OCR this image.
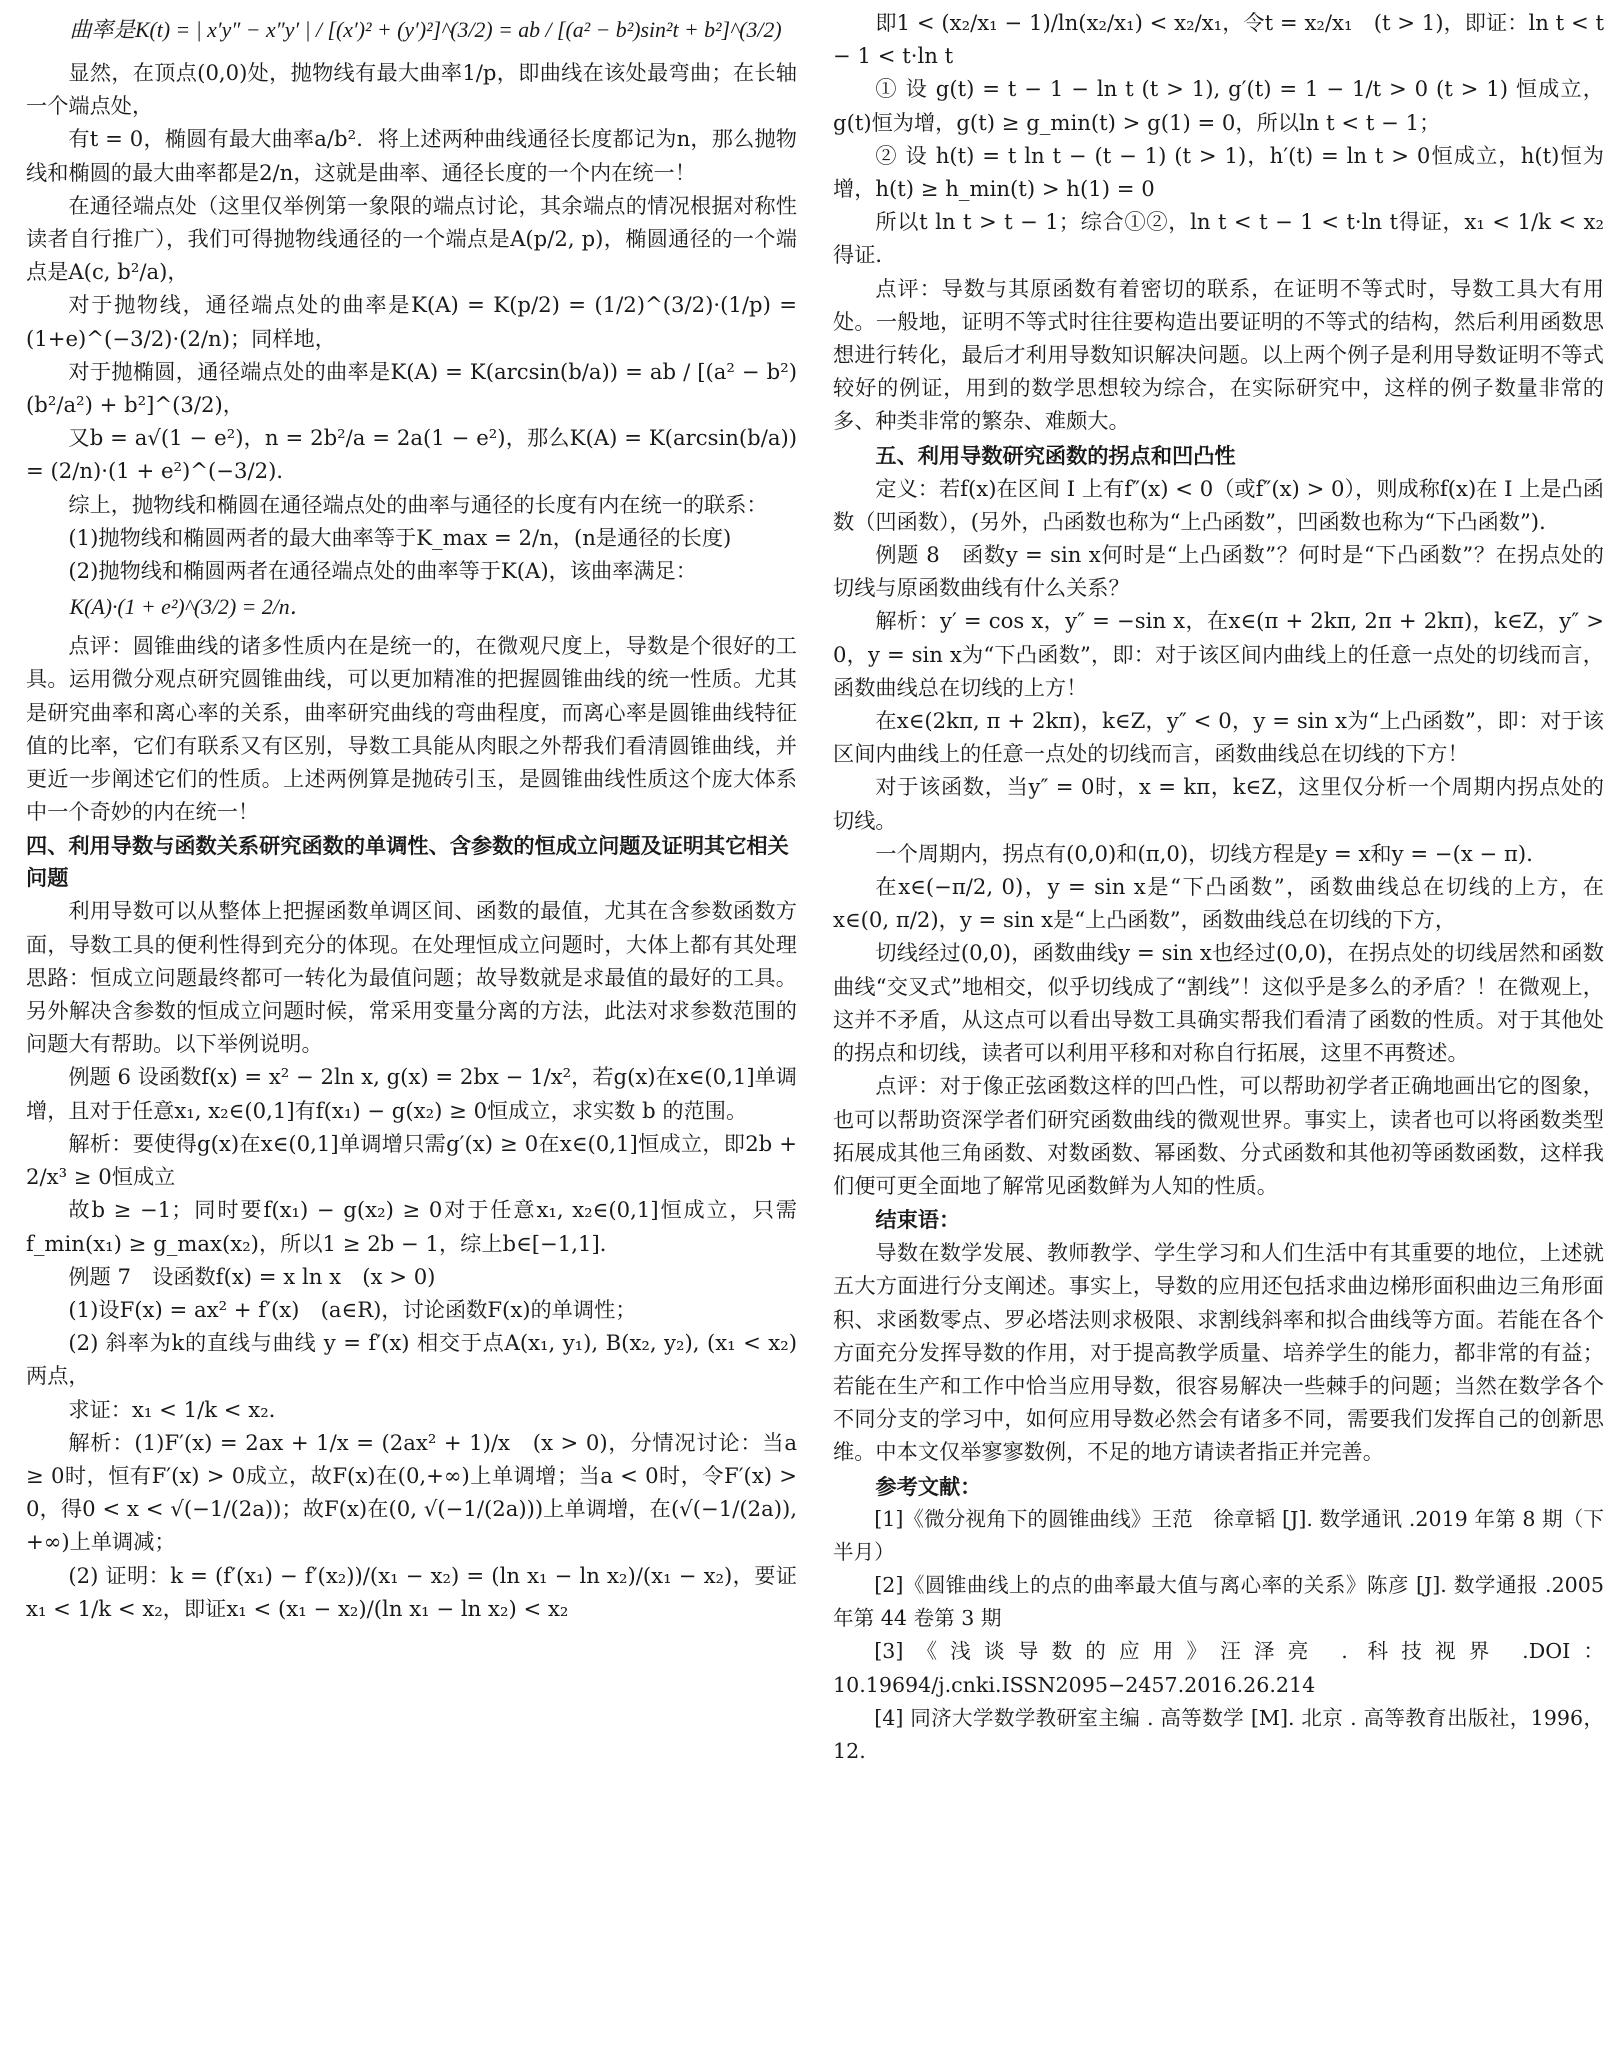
曲率是K(t) = | x′y″ − x″y′ | / [(x′)² + (y′)²]^(3/2) = ab / [(a² − b²)sin²t + b²]^(3/2)

显然，在顶点(0,0)处，抛物线有最大曲率1/p，即曲线在该处最弯曲；在长轴一个端点处，

有t = 0，椭圆有最大曲率a/b²．将上述两种曲线通径长度都记为n，那么抛物线和椭圆的最大曲率都是2/n，这就是曲率、通径长度的一个内在统一！

在通径端点处（这里仅举例第一象限的端点讨论，其余端点的情况根据对称性读者自行推广），我们可得抛物线通径的一个端点是A(p/2, p)，椭圆通径的一个端点是A(c, b²/a)，

对于抛物线，通径端点处的曲率是K(A) = K(p/2) = (1/2)^(3/2)·(1/p) = (1+e)^(−3/2)·(2/n)；同样地，

对于抛椭圆，通径端点处的曲率是K(A) = K(arcsin(b/a)) = ab / [(a² − b²)(b²/a²) + b²]^(3/2)，

又b = a√(1 − e²)，n = 2b²/a = 2a(1 − e²)，那么K(A) = K(arcsin(b/a)) = (2/n)·(1 + e²)^(−3/2)．

综上，抛物线和椭圆在通径端点处的曲率与通径的长度有内在统一的联系：

(1)抛物线和椭圆两者的最大曲率等于K_max = 2/n，(n是通径的长度)

(2)抛物线和椭圆两者在通径端点处的曲率等于K(A)，该曲率满足：

K(A)·(1 + e²)^(3/2) = 2/n．

点评：圆锥曲线的诸多性质内在是统一的，在微观尺度上，导数是个很好的工具。运用微分观点研究圆锥曲线，可以更加精准的把握圆锥曲线的统一性质。尤其是研究曲率和离心率的关系，曲率研究曲线的弯曲程度，而离心率是圆锥曲线特征值的比率，它们有联系又有区别，导数工具能从肉眼之外帮我们看清圆锥曲线，并更近一步阐述它们的性质。上述两例算是抛砖引玉，是圆锥曲线性质这个庞大体系中一个奇妙的内在统一！

四、利用导数与函数关系研究函数的单调性、含参数的恒成立问题及证明其它相关问题

利用导数可以从整体上把握函数单调区间、函数的最值，尤其在含参数函数方面，导数工具的便利性得到充分的体现。在处理恒成立问题时，大体上都有其处理思路：恒成立问题最终都可一转化为最值问题；故导数就是求最值的最好的工具。另外解决含参数的恒成立问题时候，常采用变量分离的方法，此法对求参数范围的问题大有帮助。以下举例说明。

例题 6 设函数f(x) = x² − 2ln x, g(x) = 2bx − 1/x²，若g(x)在x∈(0,1]单调增，且对于任意x₁, x₂∈(0,1]有f(x₁) − g(x₂) ≥ 0恒成立，求实数 b 的范围。

解析：要使得g(x)在x∈(0,1]单调增只需g′(x) ≥ 0在x∈(0,1]恒成立，即2b + 2/x³ ≥ 0恒成立

故b ≥ −1；同时要f(x₁) − g(x₂) ≥ 0对于任意x₁, x₂∈(0,1]恒成立，只需f_min(x₁) ≥ g_max(x₂)，所以1 ≥ 2b − 1，综上b∈[−1,1]．

例题 7　设函数f(x) = x ln x　(x > 0)

(1)设F(x) = ax² + f′(x)　(a∈R)，讨论函数F(x)的单调性；

(2) 斜率为k的直线与曲线 y = f′(x) 相交于点A(x₁, y₁), B(x₂, y₂), (x₁ < x₂)两点，

求证：x₁ < 1/k < x₂．

解析：(1)F′(x) = 2ax + 1/x = (2ax² + 1)/x　(x > 0)，分情况讨论：当a ≥ 0时，恒有F′(x) > 0成立，故F(x)在(0,+∞)上单调增；当a < 0时，令F′(x) > 0，得0 < x < √(−1/(2a))；故F(x)在(0, √(−1/(2a)))上单调增，在(√(−1/(2a)), +∞)上单调减；

(2) 证明：k = (f′(x₁) − f′(x₂))/(x₁ − x₂) = (ln x₁ − ln x₂)/(x₁ − x₂)，要证x₁ < 1/k < x₂，即证x₁ < (x₁ − x₂)/(ln x₁ − ln x₂) < x₂

即1 < (x₂/x₁ − 1)/ln(x₂/x₁) < x₂/x₁，令t = x₂/x₁　(t > 1)，即证：ln t < t − 1 < t·ln t

① 设 g(t) = t − 1 − ln t (t > 1), g′(t) = 1 − 1/t > 0 (t > 1) 恒成立，g(t)恒为增，g(t) ≥ g_min(t) > g(1) = 0，所以ln t < t − 1；

② 设 h(t) = t ln t − (t − 1) (t > 1)，h′(t) = ln t > 0恒成立，h(t)恒为增，h(t) ≥ h_min(t) > h(1) = 0

所以t ln t > t − 1；综合①②，ln t < t − 1 < t·ln t得证，x₁ < 1/k < x₂得证．

点评：导数与其原函数有着密切的联系，在证明不等式时，导数工具大有用处。一般地，证明不等式时往往要构造出要证明的不等式的结构，然后利用函数思想进行转化，最后才利用导数知识解决问题。以上两个例子是利用导数证明不等式较好的例证，用到的数学思想较为综合，在实际研究中，这样的例子数量非常的多、种类非常的繁杂、难颇大。

五、利用导数研究函数的拐点和凹凸性

定义：若f(x)在区间 I 上有f″(x) < 0（或f″(x) > 0），则成称f(x)在 I 上是凸函数（凹函数），(另外，凸函数也称为“上凸函数”，凹函数也称为“下凸函数”)．

例题 8　函数y = sin x何时是“上凸函数”？何时是“下凸函数”？在拐点处的切线与原函数曲线有什么关系？

解析：y′ = cos x，y″ = −sin x，在x∈(π + 2kπ, 2π + 2kπ)，k∈Z，y″ > 0，y = sin x为“下凸函数”，即：对于该区间内曲线上的任意一点处的切线而言，函数曲线总在切线的上方！

在x∈(2kπ, π + 2kπ)，k∈Z，y″ < 0，y = sin x为“上凸函数”，即：对于该区间内曲线上的任意一点处的切线而言，函数曲线总在切线的下方！

对于该函数，当y″ = 0时，x = kπ，k∈Z，这里仅分析一个周期内拐点处的切线。

一个周期内，拐点有(0,0)和(π,0)，切线方程是y = x和y = −(x − π)．

在x∈(−π/2, 0)，y = sin x是“下凸函数”，函数曲线总在切线的上方，在x∈(0, π/2)，y = sin x是“上凸函数”，函数曲线总在切线的下方，

切线经过(0,0)，函数曲线y = sin x也经过(0,0)，在拐点处的切线居然和函数曲线“交叉式”地相交，似乎切线成了“割线”！这似乎是多么的矛盾？！在微观上，这并不矛盾，从这点可以看出导数工具确实帮我们看清了函数的性质。对于其他处的拐点和切线，读者可以利用平移和对称自行拓展，这里不再赘述。

点评：对于像正弦函数这样的凹凸性，可以帮助初学者正确地画出它的图象，也可以帮助资深学者们研究函数曲线的微观世界。事实上，读者也可以将函数类型拓展成其他三角函数、对数函数、幂函数、分式函数和其他初等函数函数，这样我们便可更全面地了解常见函数鲜为人知的性质。

结束语：

导数在数学发展、教师教学、学生学习和人们生活中有其重要的地位，上述就五大方面进行分支阐述。事实上，导数的应用还包括求曲边梯形面积曲边三角形面积、求函数零点、罗必塔法则求极限、求割线斜率和拟合曲线等方面。若能在各个方面充分发挥导数的作用，对于提高教学质量、培养学生的能力，都非常的有益；若能在生产和工作中恰当应用导数，很容易解决一些棘手的问题；当然在数学各个不同分支的学习中，如何应用导数必然会有诸多不同，需要我们发挥自己的创新思维。中本文仅举寥寥数例，不足的地方请读者指正并完善。

参考文献：

[1]《微分视角下的圆锥曲线》王范　徐章韬 [J]. 数学通讯 .2019 年第 8 期（下半月）

[2]《圆锥曲线上的点的曲率最大值与离心率的关系》陈彦 [J]. 数学通报 .2005 年第 44 卷第 3 期

[3]《浅谈导数的应用》汪泽亮 . 科技视界 .DOI：10.19694/j.cnki.ISSN2095−2457.2016.26.214

[4] 同济大学数学教研室主编 . 高等数学 [M]. 北京 . 高等教育出版社，1996，12.
